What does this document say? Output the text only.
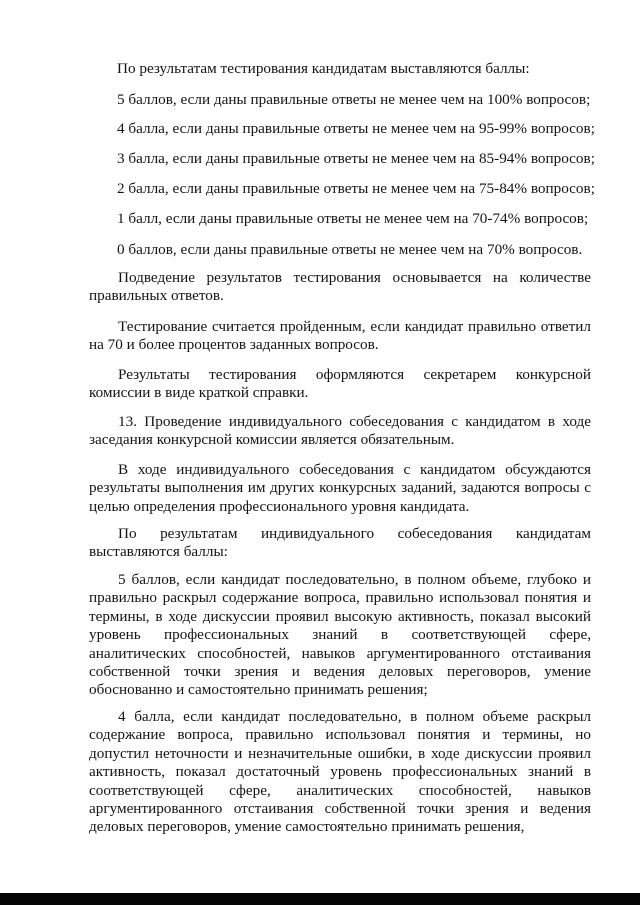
По результатам тестирования кандидатам выставляются баллы:

5 баллов, если даны правильные ответы не менее чем на 100% вопросов;

4 балла, если даны правильные ответы не менее чем на 95-99% вопросов;

3 балла, если даны правильные ответы не менее чем на 85-94% вопросов;

2 балла, если даны правильные ответы не менее чем на 75-84% вопросов;

1 балл, если даны правильные ответы не менее чем на 70-74% вопросов;

0 баллов, если даны правильные ответы не менее чем на 70% вопросов.

Подведение результатов тестирования основывается на количестве правильных ответов.

Тестирование считается пройденным, если кандидат правильно ответил на 70 и более процентов заданных вопросов.

Результаты тестирования оформляются секретарем конкурсной комиссии в виде краткой справки.

13. Проведение индивидуального собеседования с кандидатом в ходе заседания конкурсной комиссии является обязательным.

В ходе индивидуального собеседования с кандидатом обсуждаются результаты выполнения им других конкурсных заданий, задаются вопросы с целью определения профессионального уровня кандидата.

По результатам индивидуального собеседования кандидатам выставляются баллы:

5 баллов, если кандидат последовательно, в полном объеме, глубоко и правильно раскрыл содержание вопроса, правильно использовал понятия и термины, в ходе дискуссии проявил высокую активность, показал высокий уровень профессиональных знаний в соответствующей сфере, аналитических способностей, навыков аргументированного отстаивания собственной точки зрения и ведения деловых переговоров, умение обоснованно и самостоятельно принимать решения;

4 балла, если кандидат последовательно, в полном объеме раскрыл содержание вопроса, правильно использовал понятия и термины, но допустил неточности и незначительные ошибки, в ходе дискуссии проявил активность, показал достаточный уровень профессиональных знаний в соответствующей сфере, аналитических способностей, навыков аргументированного отстаивания собственной точки зрения и ведения деловых переговоров, умение самостоятельно принимать решения,
